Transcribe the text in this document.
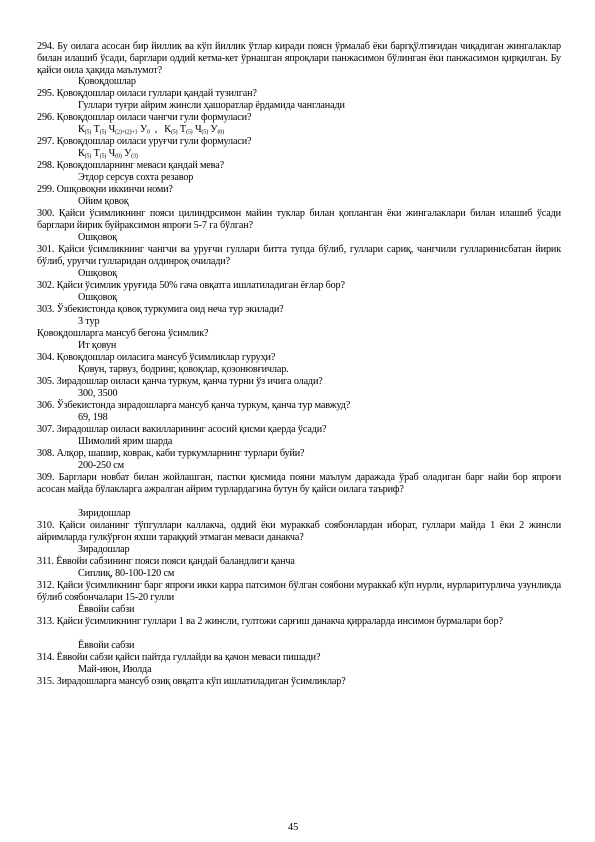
294. Бу оилага асосан бир йиллик ва кўп йиллик ўтлар киради поясн ўрмалаб ёки баргқўлтиғидан чиқадиган жингалаклар билан илашиб ўсади, барглари оддий кетма-кет ўрнашган япроқлари панжасимон бўлинган ёки панжасимон қирқилган. Бу қайси оила ҳақида маълумот?
Қовоқдошлар
295. Қовоқдошлар оиласи гуллари қандай тузилган?
Гуллари туғри айрим жинсли ҳашоратлар ёрдамида чангланади
296. Қовоқдошлар оиласи чангчи гули формуласи?
$К_{(5)}$ $Т_{(5)}$ $Ч_{(2)+(2)+1}$ $У_0$ , $К_{(5)}$ $Т_{(5)}$ $Ч_{(5)}$ $У_{(0)}$
297. Қовоқдошлар оиласи уруғчи гули формуласи?
$К_{(5)}$ $Т_{(5)}$ $Ч_{(0)}$ $У_{(3)}$
298. Қовоқдошларнинг меваси қандай мева?
Этдор серсув сохта резавор
299. Ошқовоқни иккинчи номи?
Ойим қовоқ
300. Қайси ўсимликнинг пояси цилиндрсимон майин туклар билан қопланган ёки жингалаклари билан илашиб ўсади барглари йирик буйраксимон япроғи 5-7 га бўлган?
Ошқовоқ
301. Қайси ўсимликнинг чангчи ва уруғчи гуллари битта тупда бўлиб, гуллари сариқ, чангчили гулларинисбатан йирик бўлиб, уруғчи гулларидан олдинроқ очилади?
Ошқовоқ
302. Қайси ўсимлик уруғида 50% гача овқатга ишлатиладиган ёғлар бор?
Ошқовоқ
303. Ўзбекистонда қовоқ туркумига оид неча тур экилади?
3 тур
Қовоқдошларга мансуб бегона ўсимлик?
Ит қовун
304. Қовоқдошлар оиласига мансуб ўсимликлар гуруҳи?
Қовун, тарвуз, бодринг, қовоқлар, қозонювғичлар.
305. Зирадошлар оиласи қанча туркум, қанча турни ўз ичига олади?
300, 3500
306. Ўзбекистонда зирадошларга мансуб қанча туркум, қанча тур мавжуд?
69, 198
307. Зирадошлар оиласи вакилларининг асосий қисми қаерда ўсади?
Шимолий ярим шарда
308. Алқор, шашир, коврак, каби туркумларнинг турлари буйи?
200-250 см
309. Барглари новбат билан жойлашган, пастки қисмида пояни маълум даражада ўраб оладиган барг найи бор япроғи асосан майда бўлакларга ажралган айрим турлардагина бутун бу қайси оилага таъриф?
Зиридошлар
310. Қайси оиланинг тўпгуллари каллакча, оддий ёки мураккаб соябонлардан иборат, гуллари майда 1 ёки 2 жинсли айримларда гулкўрғон яхши тараққий этмаган меваси данакча?
Зирадошлар
311. Ёввойи сабзининг пояси пояси қандай баландлиги қанча
Сиплиқ, 80-100-120 см
312. Қайси ўсимликнинг барг япроғи икки карра патсимон бўлган соябони мураккаб кўп нурли, нурларитурлича узунликда бўлиб соябончалари 15-20 гулли
Ёввойи сабзи
313. Қайси ўсимликнинг гуллари 1 ва 2 жинсли, гултожи сарғиш данакча қирраларда инсимон бурмалари бор?
Ёввойи сабзи
314. Ёввойи сабзи қайси пайтда гуллайди ва қачон меваси пишади?
Май-июн, Июлда
315. Зирадошларга мансуб озиқ овқатга кўп ишлатиладиган ўсимликлар?
45
